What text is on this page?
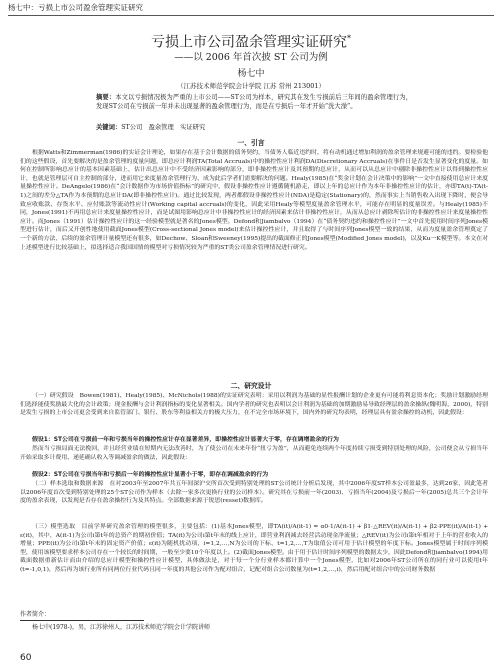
杨七中：亏损上市公司盈余管理实证研究
亏损上市公司盈余管理实证研究*
——以 2006 年首次披 ST 公司为例
杨七中
（江苏技术师范学院会计学院 江苏 常州 213001）
摘要：本文以亏损情况极为严重的上市公司——ST公司为样本，研究其在发生亏损前后三年间的盈余管理行为，发现ST公司在亏损前一年并未出现显著的盈余管理行为，而是在亏损后一年才开始“洗大澡”。
关键词：ST公司　盈余管理　实证研究
一、引言

根据Watts和Zimmerman(1986)的实证会计理论，如果存在基于会计数据的债务契约，当债务人临近违约时，将有动机通过增加利润的盈余管理来规避可能的违约。要检验他们的这些假设，首先要解决的是盈余管理的度量问题，即总应计利润TA(Total Accruals)中的操控性应计利润DA(Discretionary Accruals)在事件日是否发生显著变化的度量。如何在控制所影响总应计的基本因素基础上，估计出总应计中不受经济因素影响的部分，即非操控性应计及其预期的总应计，从而可以从总应计中剔除非操控性应计以得到操控性应计，也就是管理层可自主控制的部分，进而用它来度量盈余管理行为，成为此后学者们需要解决的问题。Healy(1985)在“奖金计划在会计决策中的影响”一文中直接使用总应计来度量操控性应计。DeAngelo(1986)在“会计数据作为市场价值指标”的研究中，假设非操控性应计遵循随机游走，即以上年的总应计作为本年非操控性应计的估计，亦即TA(t)-TA(t-1)之间的差分△TA作为本预期的总应计DA(即非操控性应计)。通过比较发现，两者都假设非操控性应计(NDA)是稳定(Stationary)的，然而事实上当销售收入出现下降时，便会导致应收账款、存货水平、应付账款等流动性应计(Working capital accruals)的变化，因此采用Healy等模型度量盈余管理水平，可能存在明显的度量误差。与Healy(1985)不同，Jones(1991)不再用总应计来度量操控性应计，而是试图用影响总应计中非操控性应计的经济因素来估计非操控性应计，从而从总应计剥除所估计的非操控性应计来度量操控性应计。而Jones（1991）估计操控性应计的这一经验模型就是著名的Jones模型。Defond和Jiambalvo（1994）在“债务契约违约和操控性应计”一文中首先使用时间序列Jones模型进行估计，而后又开创性地使用截面Jones模型(Cross-sectional Jones model)来估计操控性应计，并且取得了与时间序列Jones模型一致的结果，从而为度量盈余管理奠定了一个新的方法，后续的盈余管理计量模型还有很多，如Dechow、Sloan和Sweeney(1995)提出的截面修正的Jones模型(Modified Jones model)，以及Ku一K模型等。本文在对上述模型进行比较基础上，拟选择适合我国国情的模型对亏损情况较为严重的ST类公司盈余管理情况进行研究。

二、研究设计

（一）研究假设　Bowen(1981)、Healy(1985)、McNichols(1988)的实证研究表明：采用以利润为基础的显性报酬计划的企业更有可能将利息资本化；奖励计划激励经理们选择能使奖励最大化的会计政策；现金报酬与会计利润指标的变化显著相关。国内学者的研究也表明以会计利润为基础的加期激励易导致经理层的盈余操纵(魏明海，2000)，特别是发生亏损的上市公司更会受到来自监管部门、银行、股东等利益相关方的极大压力，在不完全市场环境下，国内外的研究均表明，经理层具有盈余操控的动机，因此假设：

假设1：ST公司在亏损前一年和亏损当年的操控性应计存在显著差异，即操控性应计显著大于零，存在调增盈余的行为

然而当亏损局面无法挽回，并且经营业绩在短期内无法改善时，为了使公司在未来年份“扭亏为盈”，从而避免连续两个年度持续亏损受到特别处理的风险，公司便会从亏损当年开始采取多计费用、递延确认收入等调减盈余的做法，因此假设：

假设2：ST公司在亏损当年和亏损后一年的操控性应计显著小于零，即存在调减盈余的行为

（二）样本选取和数据来源　在对2003年至2007年共五年间深沪交所首次受到特别处理的ST公司统计分析后发现，其中2006年度ST样本公司盈最多，达到26家，因此笔者以2006年度首次受到特别处理的25个ST公司作为样本（去除一家多次更换行业的公司样本）。研究其在亏损前一年(2003)、亏损当年(2004)及亏损后一年(2005)总共三个会计年度的盈余表现，以发现是否存在盈余操控行为及其特点。全部数据来源于锐思(resset)数据库。

（三）模型选取　目前学界研究盈余管理的模型很多，主要包括：(1)基本Jones模型，即TA(it)/A(it-1) = α0·1/A(it-1) + β1·△REV(it)/A(it-1) + β2·PPE(it)/A(it-1) + ε(it)，其中，A(it-1)为公司i第t年的总资产的期初价值；TA(it)为公司i第t年末的线上应计，即营业利润减去经营活动现金净流量；△REV(it)为公司i第t年相对于上年的营业收入的增量；PPE(it)为公司i第t年末的固定资产价值；ε(it)为随机扰动项，i=1,2,…,N为公司的下标，t=1,2,…,T为取值公司可用于估计模型的年度下标。Jones模型属于时间序列模型，使用该模型要求样本公司存在一个较长的时间期，一般至少要10个年度以上。(2)截面Jones模型。由于用于估计时间序列模型的数据太少，因此Defond和Jiambalvo(1994)用截面数据重新估计而由介绍的总应计模型和操控性应计模型，具体做法是，对于每一个分行业样本都计算中一个Jones模型，比如对2006年ST公司所在的同行业可以使用t年(t=-1,0,1)，然后再为该行业所有同两位行业代码且同一年度的其他公司作为配对组合，记配对组合公司数量为(t=1,2,…,i)，然后用配对组合中的公司财务数据

作者简介：
杨七中(1978-)，男，江苏徐州人，江苏技术师范学院会计学院讲师
60
